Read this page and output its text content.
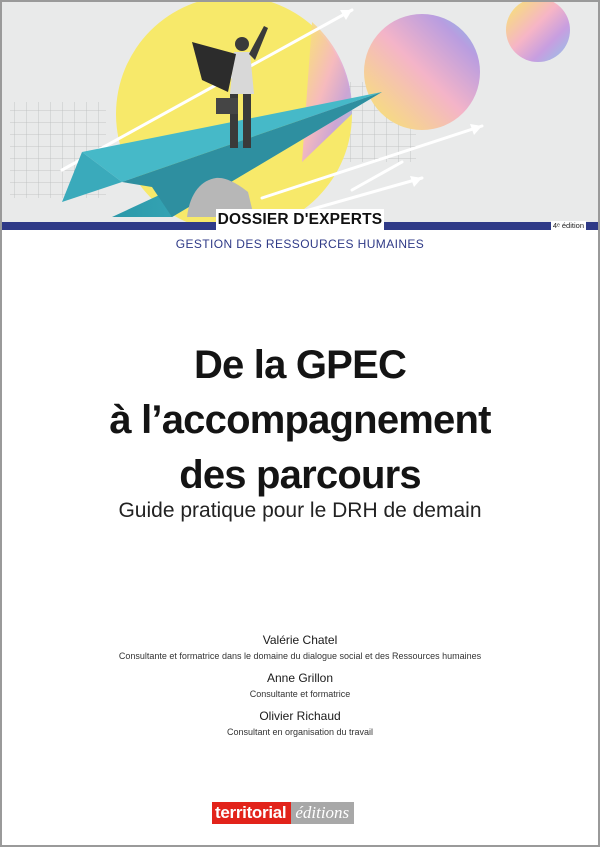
DOSSIER D'EXPERTS	4ᵉ édition
GESTION DES RESSOURCES HUMAINES
De la GPEC
à l’accompagnement
des parcours
Guide pratique pour le DRH de demain

Valérie Chatel

Consultante et formatrice dans le domaine du dialogue social et des Ressources humaines

Anne Grillon

Consultante et formatrice

Olivier Richaud

Consultant en organisation du travail

territorial éditions
